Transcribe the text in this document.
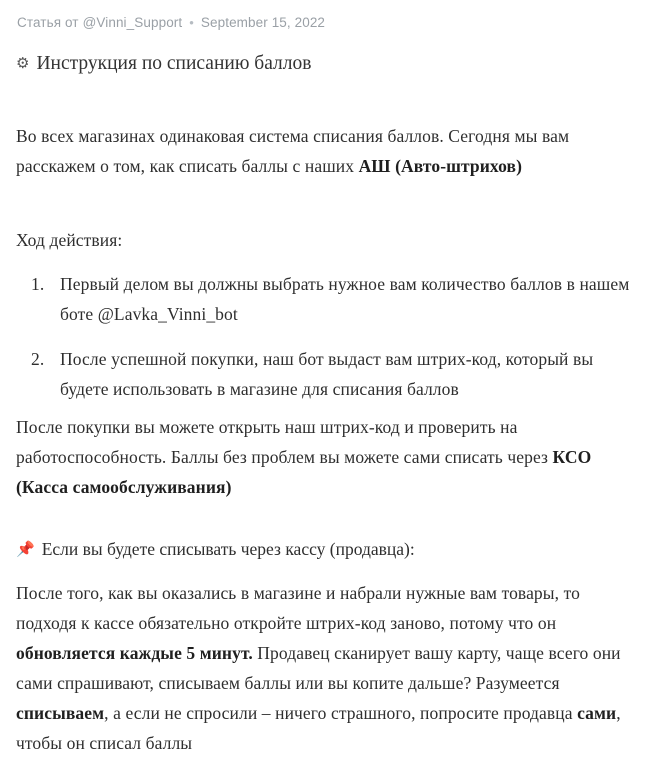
Статья от @Vinni_Support • September 15, 2022
⚙ Инструкция по списанию баллов

Во всех магазинах одинаковая система списания баллов. Сегодня мы вам расскажем о том, как списать баллы с наших АШ (Авто-штрихов)

Ход действия:

Первый делом вы должны выбрать нужное вам количество баллов в нашем боте @Lavka_Vinni_bot
После успешной покупки, наш бот выдаст вам штрих-код, который вы будете использовать в магазине для списания баллов

После покупки вы можете открыть наш штрих-код и проверить на работоспособность. Баллы без проблем вы можете сами списать через КСО (Касса самообслуживания)

📌 Если вы будете списывать через кассу (продавца):

После того, как вы оказались в магазине и набрали нужные вам товары, то подходя к кассе обязательно откройте штрих-код заново, потому что он обновляется каждые 5 минут. Продавец сканирует вашу карту, чаще всего они сами спрашивают, списываем баллы или вы копите дальше? Разумеется списываем, а если не спросили – ничего страшного, попросите продавца сами, чтобы он списал баллы
